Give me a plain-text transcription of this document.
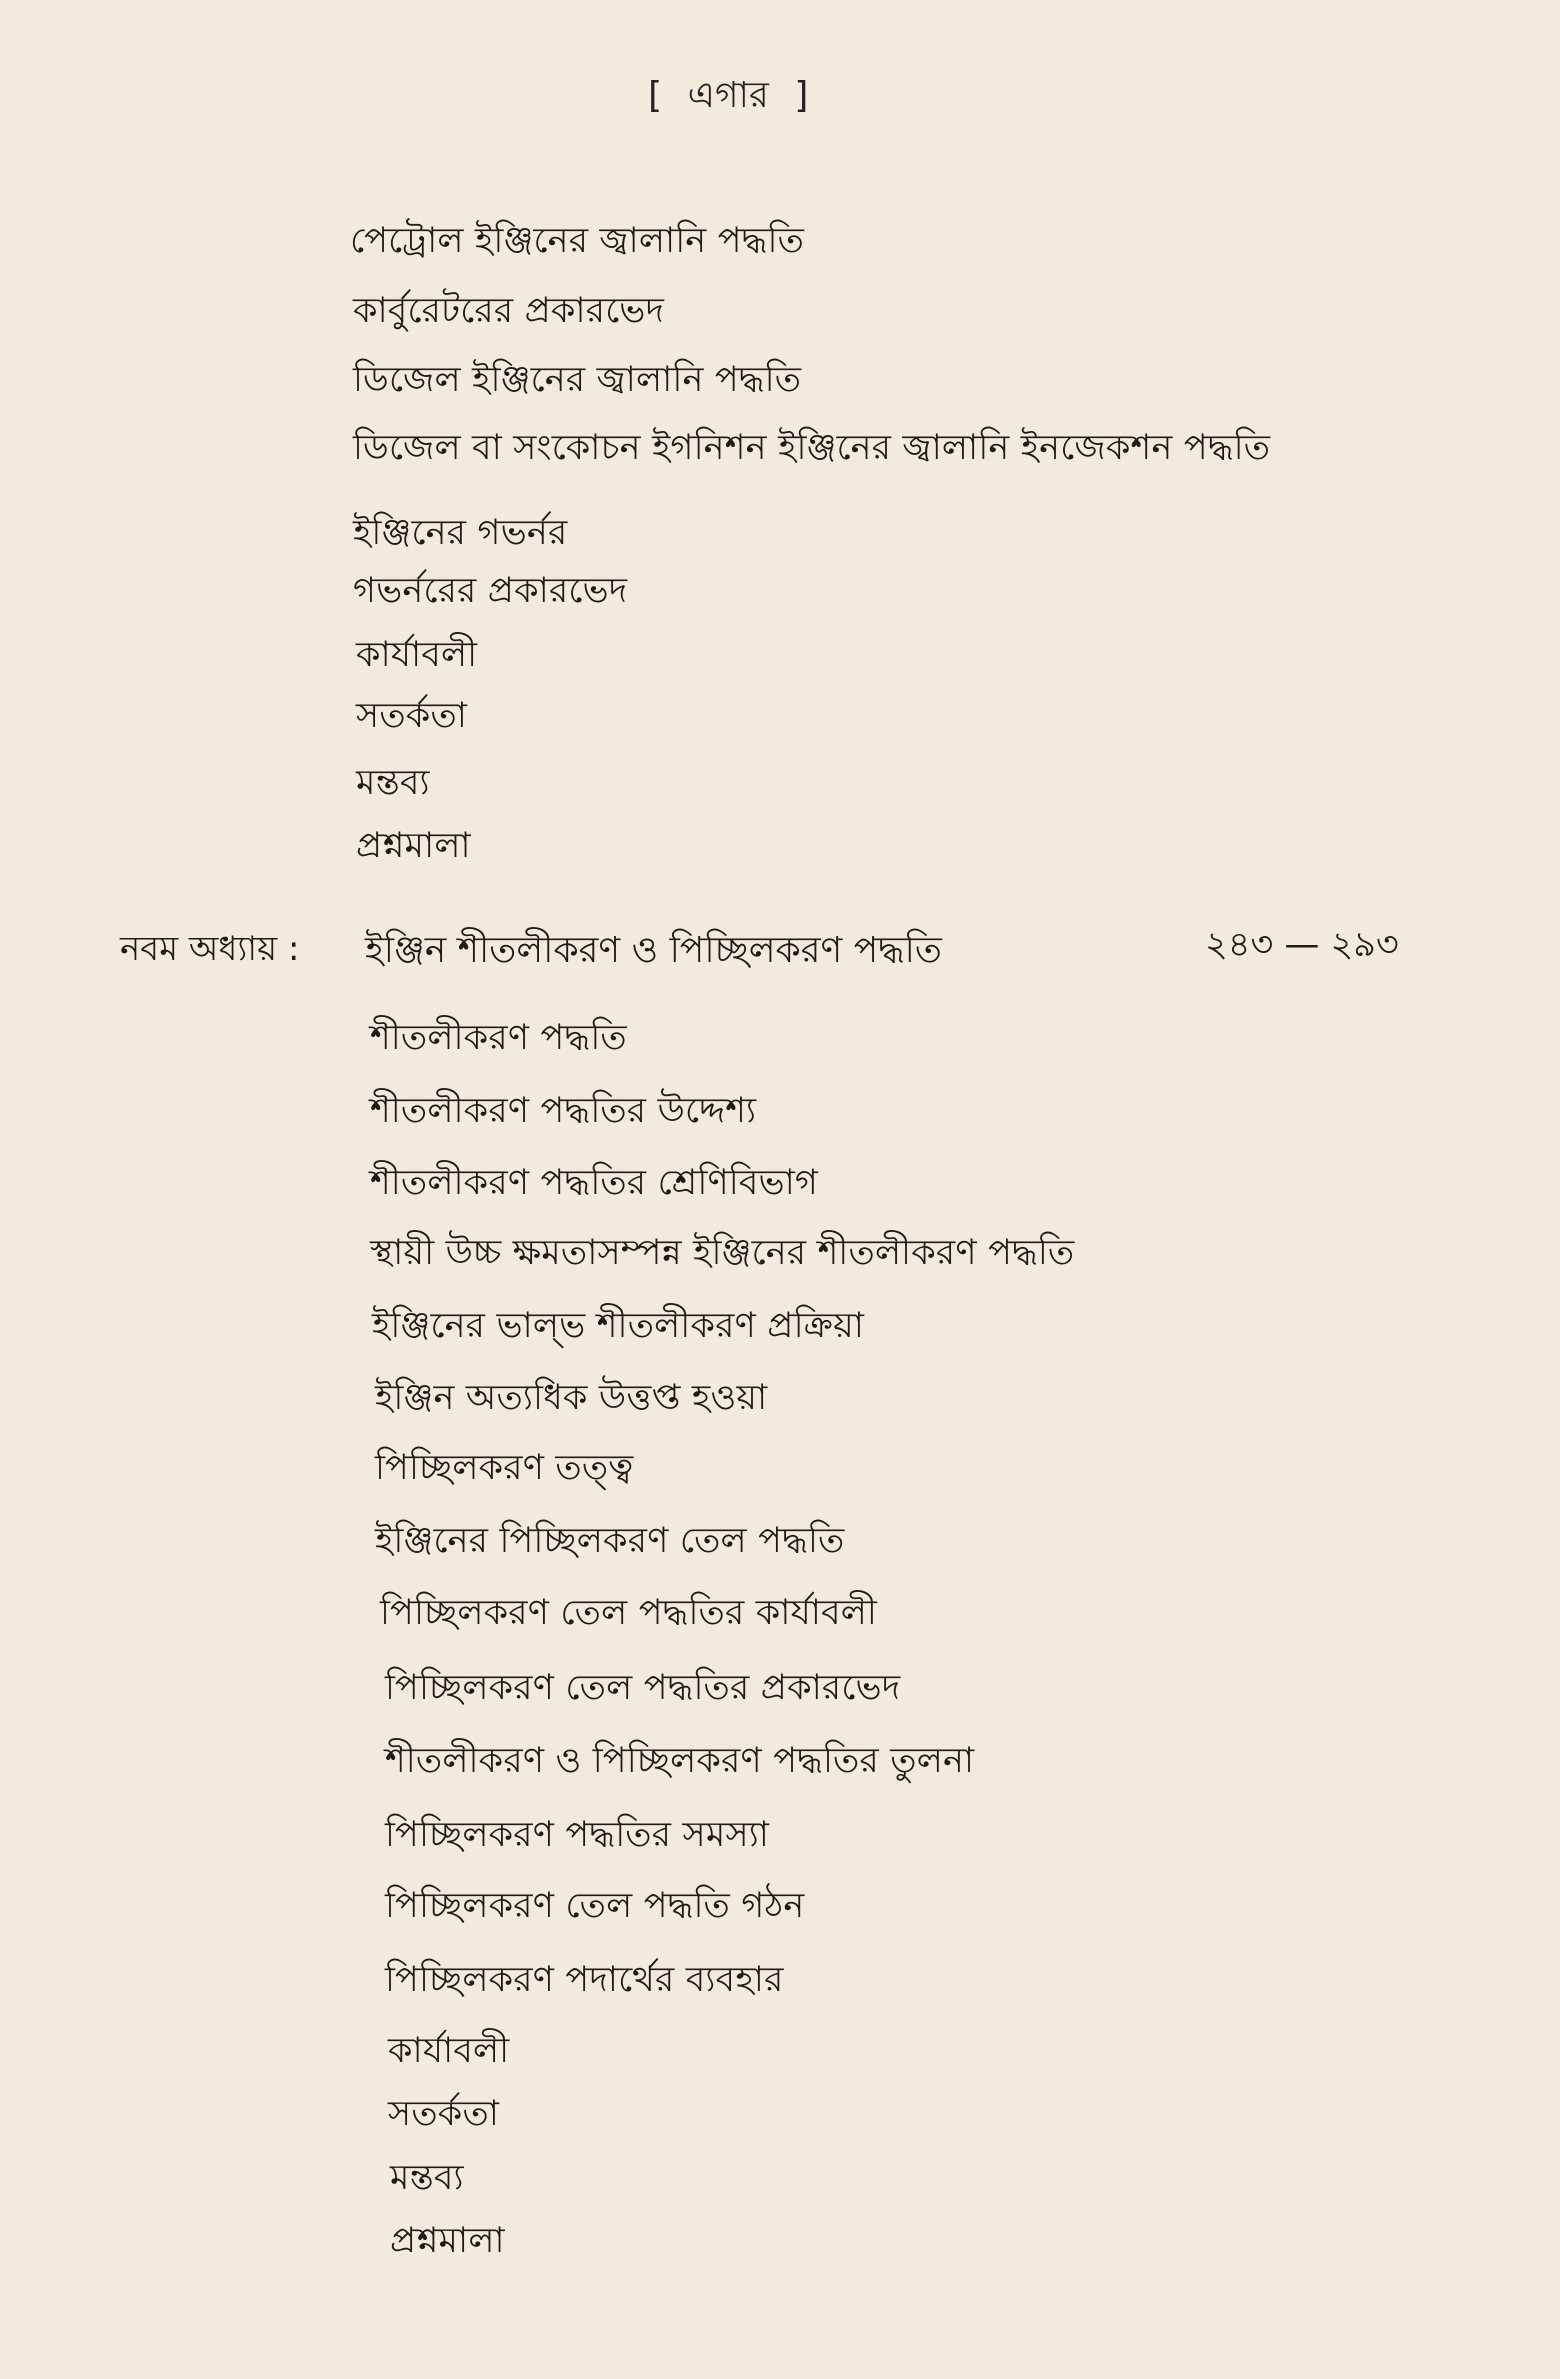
[ এগার ]
পেট্রোল ইঞ্জিনের জ্বালানি পদ্ধতি
কার্বুরেটরের প্রকারভেদ
ডিজেল ইঞ্জিনের জ্বালানি পদ্ধতি
ডিজেল বা সংকোচন ইগনিশন ইঞ্জিনের জ্বালানি ইনজেকশন পদ্ধতি
ইঞ্জিনের গভর্নর
গভর্নরের প্রকারভেদ
কার্যাবলী
সতর্কতা
মন্তব্য
প্রশ্নমালা
নবম অধ্যায় : ইঞ্জিন শীতলীকরণ ও পিচ্ছিলকরণ পদ্ধতি	২৪৩ — ২৯৩
শীতলীকরণ পদ্ধতি
শীতলীকরণ পদ্ধতির উদ্দেশ্য
শীতলীকরণ পদ্ধতির শ্রেণিবিভাগ
স্থায়ী উচ্চ ক্ষমতাসম্পন্ন ইঞ্জিনের শীতলীকরণ পদ্ধতি
ইঞ্জিনের ভাল্‌ভ শীতলীকরণ প্রক্রিয়া
ইঞ্জিন অত্যধিক উত্তপ্ত হওয়া
পিচ্ছিলকরণ তত্ত্ব
ইঞ্জিনের পিচ্ছিলকরণ তেল পদ্ধতি
পিচ্ছিলকরণ তেল পদ্ধতির কার্যাবলী
পিচ্ছিলকরণ তেল পদ্ধতির প্রকারভেদ
শীতলীকরণ ও পিচ্ছিলকরণ পদ্ধতির তুলনা
পিচ্ছিলকরণ পদ্ধতির সমস্যা
পিচ্ছিলকরণ তেল পদ্ধতি গঠন
পিচ্ছিলকরণ পদার্থের ব্যবহার
কার্যাবলী
সতর্কতা
মন্তব্য
প্রশ্নমালা
